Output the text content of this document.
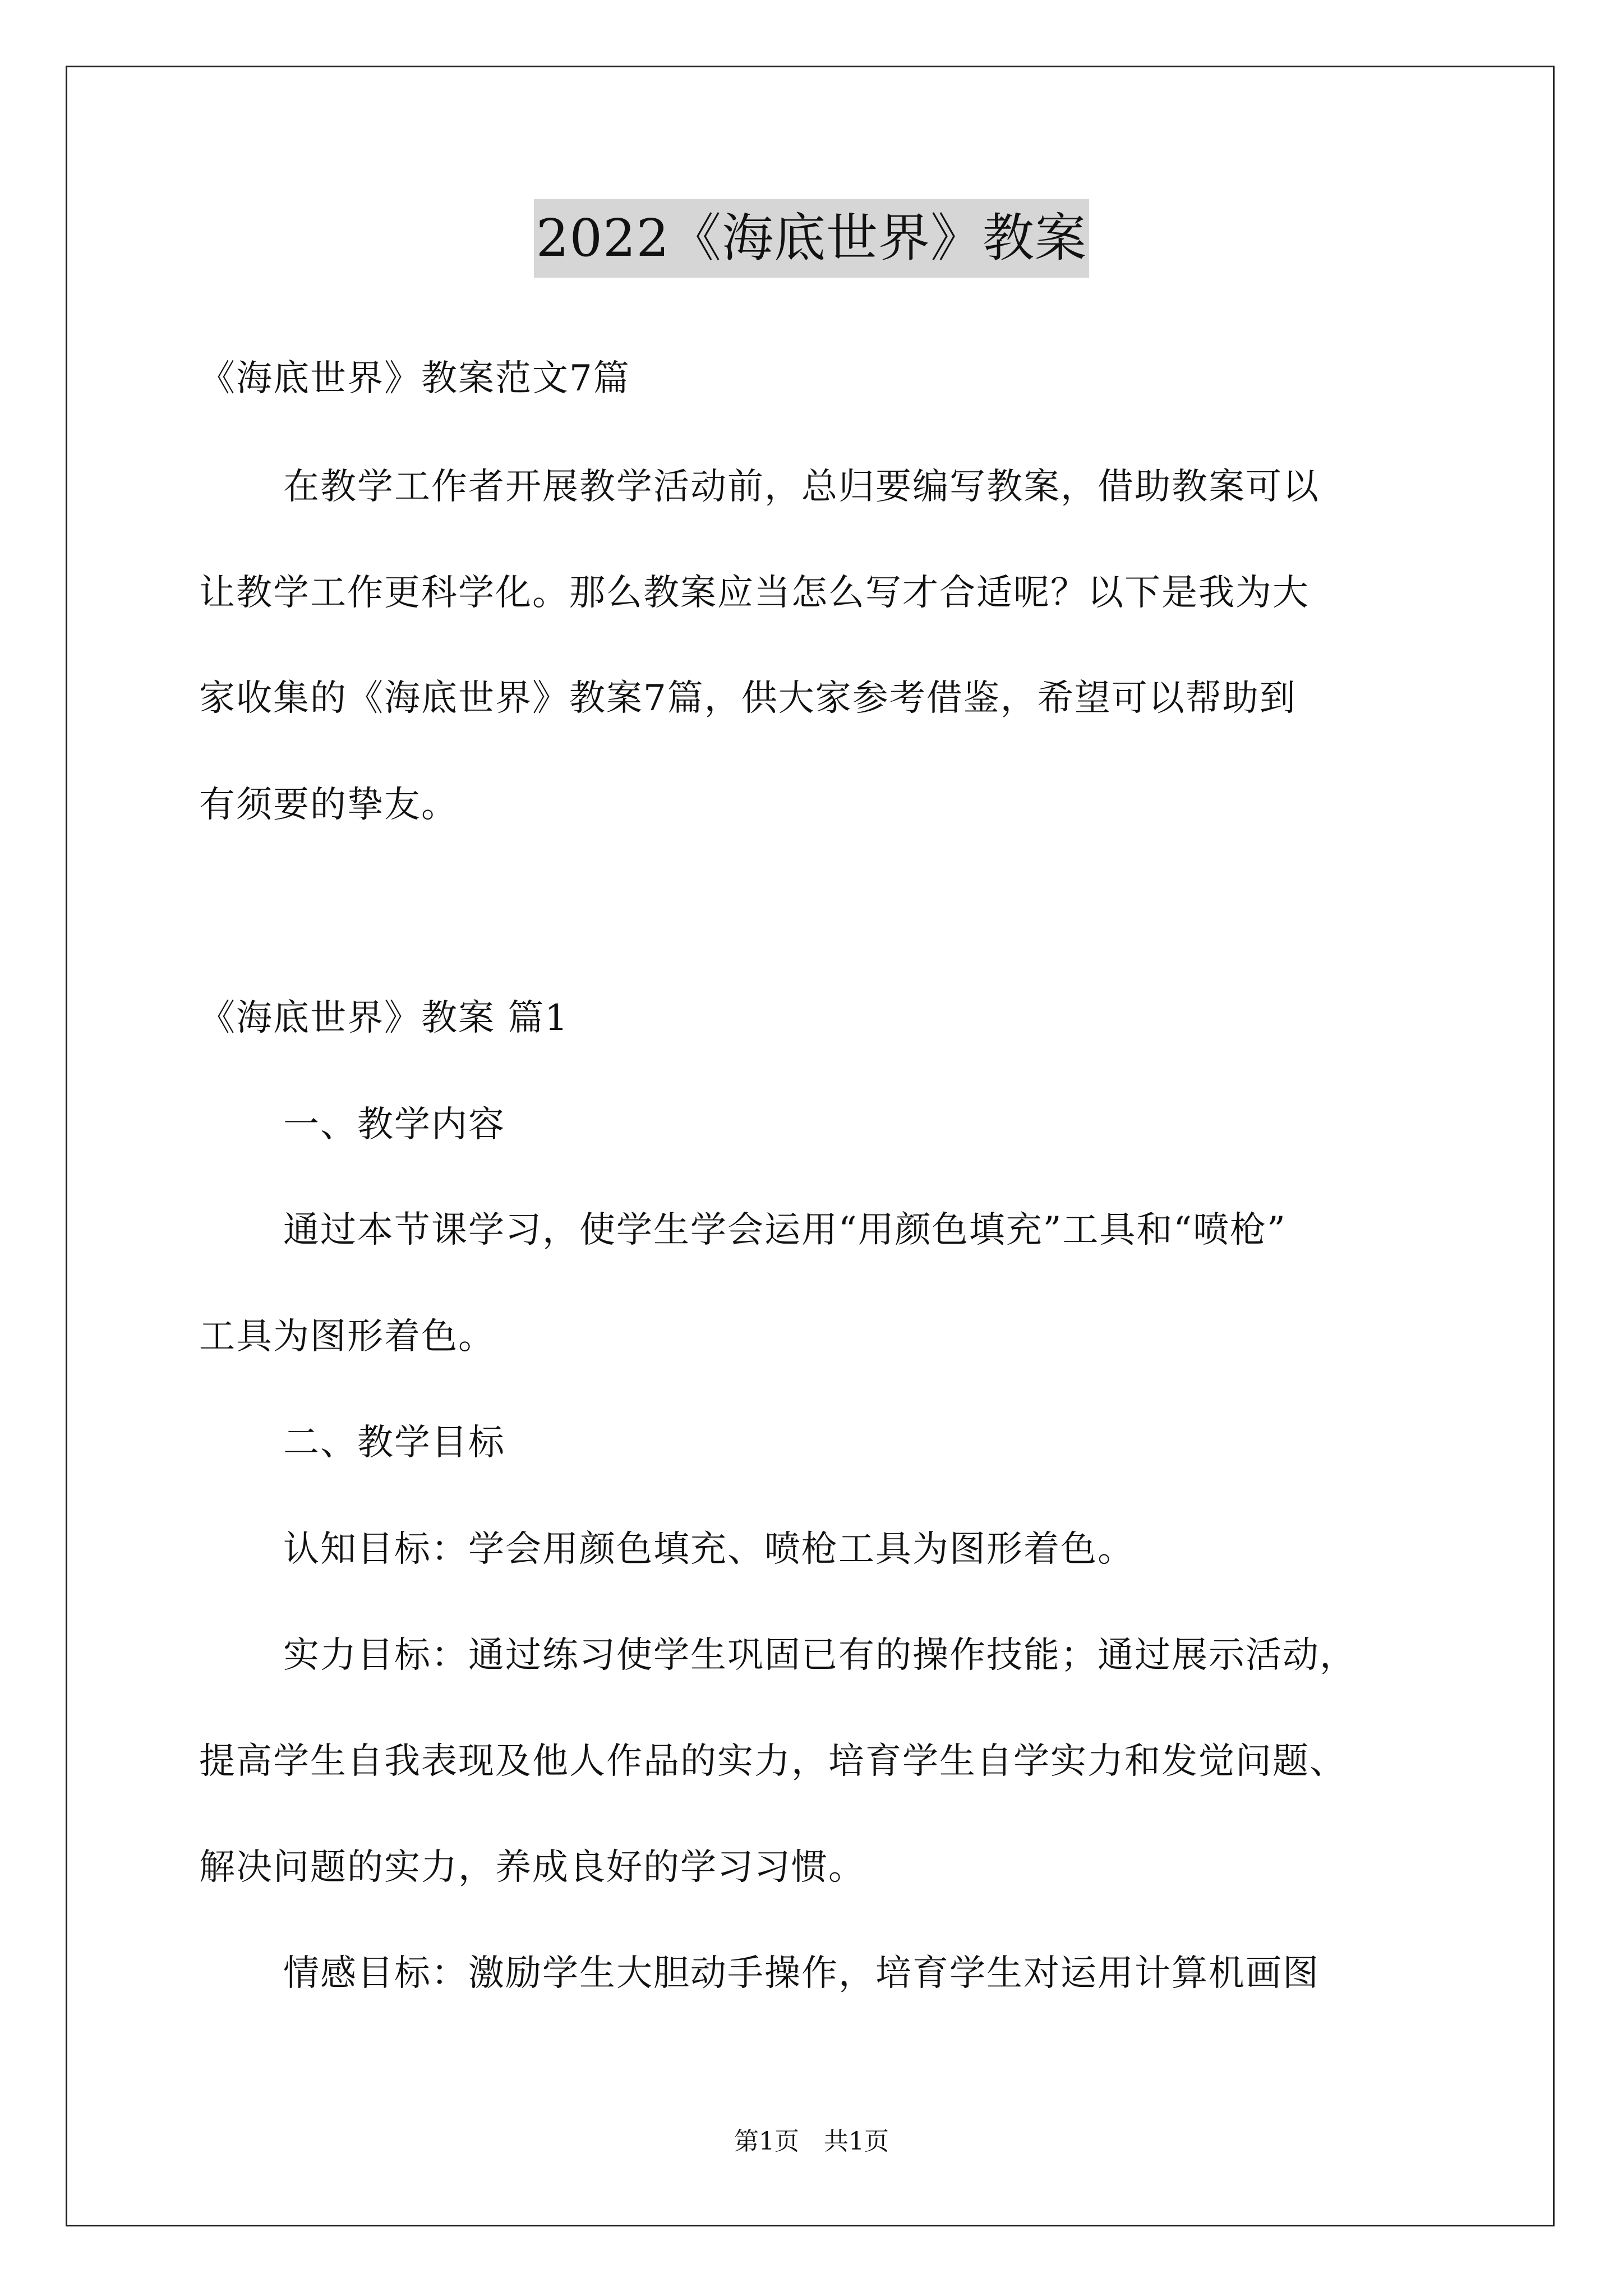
2022《海底世界》教案
《海底世界》教案范文7篇
在教学工作者开展教学活动前，总归要编写教案，借助教案可以
让教学工作更科学化。那么教案应当怎么写才合适呢？以下是我为大
家收集的《海底世界》教案7篇，供大家参考借鉴，希望可以帮助到
有须要的挚友。
《海底世界》教案 篇1
一、教学内容
通过本节课学习，使学生学会运用“用颜色填充”工具和“喷枪”
工具为图形着色。
二、教学目标
认知目标：学会用颜色填充、喷枪工具为图形着色。
实力目标：通过练习使学生巩固已有的操作技能；通过展示活动，
提高学生自我表现及他人作品的实力，培育学生自学实力和发觉问题、
解决问题的实力，养成良好的学习习惯。
情感目标：激励学生大胆动手操作，培育学生对运用计算机画图
第1页 共1页
